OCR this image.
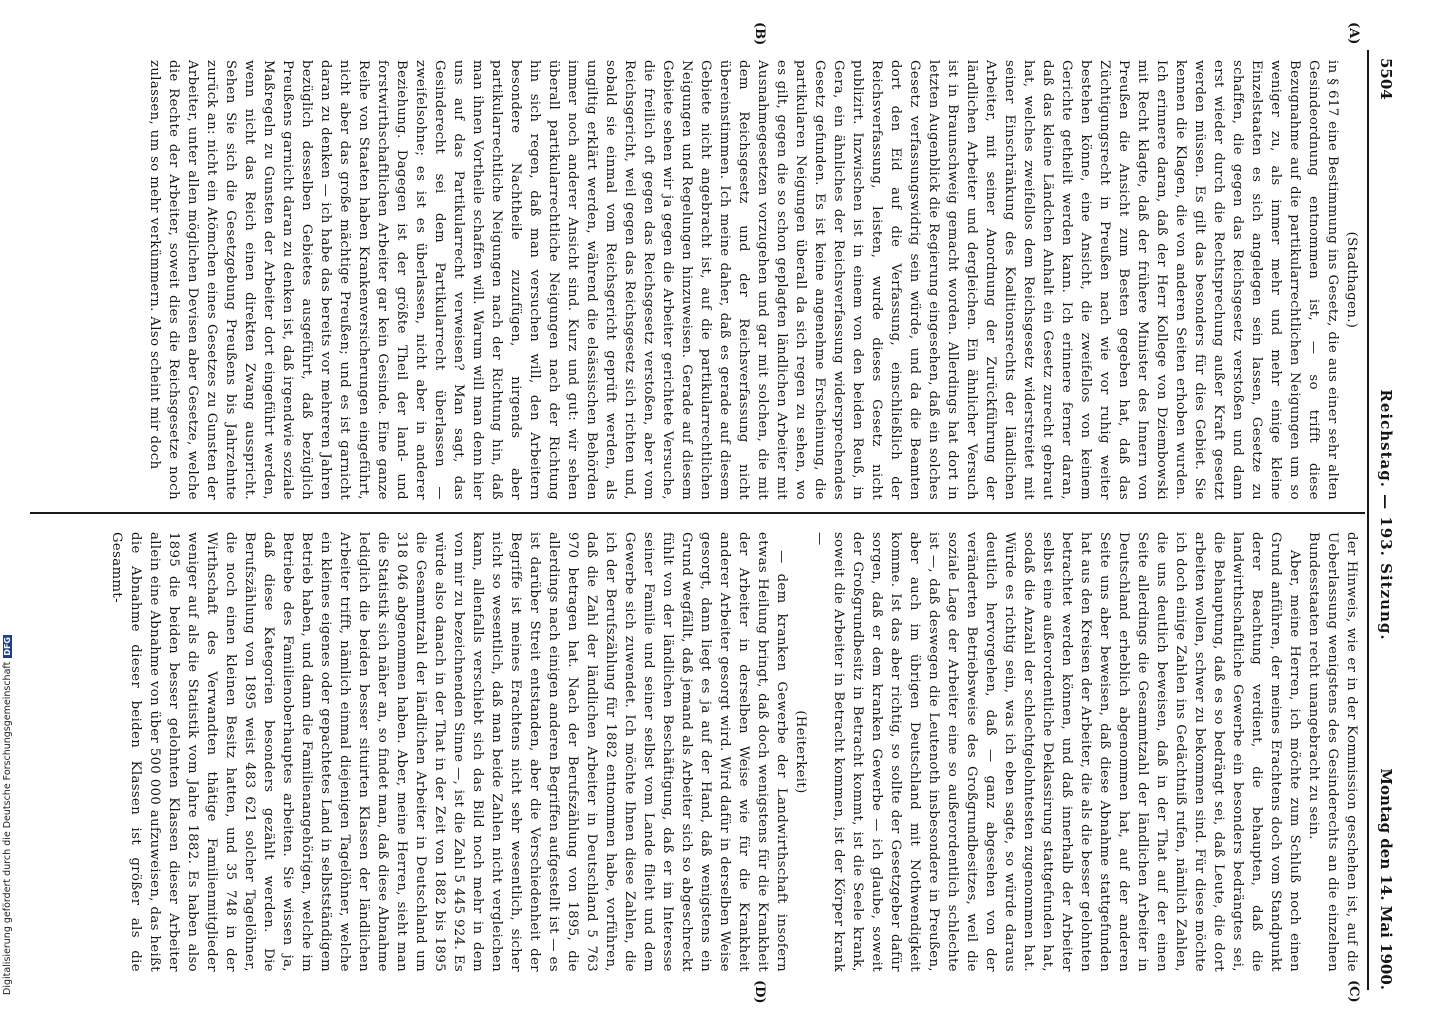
5504
Reichstag. — 193. Sitzung.
Montag den 14. Mai 1900.
(A)
(B)
(C)
(D)

(Stadthagen.)

in § 617 eine Bestimmung ins Gesetz, die aus einer sehr alten Gesindeordnung entnommen ist, — so trifft diese Bezugnahme auf die partikularrechtlichen Neigungen um so weniger zu, als immer mehr und mehr einige kleine Einzelstaaten es sich angelegen sein lassen, Gesetze zu schaffen, die gegen das Reichsgesetz verstoßen und dann erst wieder durch die Rechtsprechung außer Kraft gesetzt werden müssen. Es gilt das besonders für dies Gebiet. Sie kennen die Klagen, die von anderen Seiten erhoben wurden. Ich erinnere daran, daß der Herr Kollege von Dziembowski mit Recht klagte, daß der frühere Minister des Innern von Preußen die Ansicht zum Besten gegeben hat, daß das Züchtigungsrecht in Preußen nach wie vor ruhig weiter bestehen könne, eine Ansicht, die zweifellos von keinem Gerichte getheilt werden kann. Ich erinnere ferner daran, daß das kleine Ländchen Anhalt ein Gesetz zurecht gebraut hat, welches zweifellos dem Reichsgesetz widerstreitet mit seiner Einschränkung des Koalitionsrechts der ländlichen Arbeiter, mit seiner Anordnung der Zurückführung der ländlichen Arbeiter und dergleichen. Ein ähnlicher Versuch ist in Braunschweig gemacht worden. Allerdings hat dort in letzten Augenblick die Regierung eingesehen, daß ein solches Gesetz verfassungswidrig sein würde, und da die Beamten dort den Eid auf die Verfassung, einschließlich der Reichsverfassung, leisten, wurde dieses Gesetz nicht publizirt. Inzwischen ist in einem von den beiden Reuß, in Gera, ein ähnliches der Reichsverfassung widersprechendes Gesetz gefunden. Es ist keine angenehme Erscheinung, die partikularen Neigungen überall da sich regen zu sehen, wo es gilt, gegen die so schon geplagten ländlichen Arbeiter mit Ausnahmegesetzen vorzugehen und gar mit solchen, die mit dem Reichsgesetz und der Reichsverfassung nicht übereinstimmen. Ich meine daher, daß es gerade auf diesem Gebiete nicht angebracht ist, auf die partikularrechtlichen Neigungen und Regelungen hinzuweisen. Gerade auf diesem Gebiete sehen wir ja gegen die Arbeiter gerichtete Versuche, die freilich oft gegen das Reichsgesetz verstoßen, aber vom Reichsgericht, weil gegen das Reichsgesetz sich richten und, sobald sie einmal vom Reichsgericht geprüft werden, als ungiltig erklärt werden, während die elsässischen Behörden immer noch anderer Ansicht sind. Kurz und gut: wir sehen überall partikularrechtliche Neigungen nach der Richtung hin sich regen, daß man versuchen will, den Arbeitern besondere Nachtheile zuzufügen, nirgends aber partikularrechtliche Neigungen nach der Richtung hin, daß man ihnen Vortheile schaffen will. Warum will man denn hier uns auf das Partikularrecht verweisen? Man sagt, das Gesinderecht sei dem Partikularrecht überlassen — zweifelsohne; es ist es überlassen, nicht aber in anderer Beziehung. Dagegen ist der größte Theil der land- und forstwirthschaftlichen Arbeiter gar kein Gesinde. Eine ganze Reihe von Staaten haben Krankenversicherungen eingeführt, nicht aber das große mächtige Preußen; und es ist garnicht daran zu denken — ich habe das bereits vor mehreren Jahren bezüglich desselben Gebietes ausgeführt, daß bezüglich Preußens garnicht daran zu denken ist, daß irgendwie soziale Maßregeln zu Gunsten der Arbeiter dort eingeführt werden, wenn nicht das Reich einen direkten Zwang ausspricht. Sehen Sie sich die Gesetzgebung Preußens bis Jahrzehnte zurück an: nicht ein Atömchen eines Gesetzes zu Gunsten der Arbeiter, unter allen möglichen Devisen aber Gesetze, welche die Rechte der Arbeiter, soweit dies die Reichsgesetze noch zulassen, um so mehr verkümmern. Also scheint mir doch

der Hinweis, wie er in der Kommission geschehen ist, auf die Ueberlassung wenigstens des Gesinderechts an die einzelnen Bundesstaaten recht unangebracht zu sein.

Aber, meine Herren, ich möchte zum Schluß noch einen Grund anführen, der meines Erachtens doch vom Standpunkt derer Beachtung verdient, die behaupten, daß die landwirthschaftliche Gewerbe ein besonders bedrängtes sei, die Behauptung, daß es so bedrängt sei, daß Leute, die dort arbeiten wollen, schwer zu bekommen sind. Für diese möchte ich doch einige Zahlen ins Gedächtniß rufen, nämlich Zahlen, die uns deutlich beweisen, daß in der That auf der einen Seite allerdings die Gesammtzahl der ländlichen Arbeiter in Deutschland erheblich abgenommen hat, auf der anderen Seite uns aber beweisen, daß diese Abnahme stattgefunden hat aus den Kreisen der Arbeiter, die als die besser gelohnten betrachtet werden können, und daß innerhalb der Arbeiter selbst eine außerordentliche Deklassirung stattgefunden hat, sodaß die Anzahl der schlechtgelohntesten zugenommen hat. Würde es richtig sein, was ich eben sagte, so würde daraus deutlich hervorgehen, daß — ganz abgesehen von der veränderten Betriebsweise des Großgrundbesitzes, weil die soziale Lage der Arbeiter eine so außerordentlich schlechte ist —, daß deswegen die Leutenoth insbesondere in Preußen, aber auch im übrigen Deutschland mit Nothwendigkeit komme. Ist das aber richtig, so sollte der Gesetzgeber dafür sorgen, daß er dem kranken Gewerbe — ich glaube, soweit der Großgrundbesitz in Betracht kommt, ist die Seele krank, soweit die Arbeiter in Betracht kommen, ist der Körper krank —

(Heiterkeit)

— dem kranken Gewerbe der Landwirthschaft insofern etwas Heilung bringt, daß doch wenigstens für die Krankheit der Arbeiter in derselben Weise wie für die Krankheit anderer Arbeiter gesorgt wird. Wird dafür in derselben Weise gesorgt, dann liegt es ja auf der Hand, daß wenigstens ein Grund wegfällt, daß jemand als Arbeiter sich so abgeschreckt fühlt von der ländlichen Beschäftigung, daß er im Interesse seiner Familie und seiner selbst vom Lande flieht und dem Gewerbe sich zuwendet. Ich möchte Ihnen diese Zahlen, die ich der Berufszählung für 1882 entnommen habe, vorführen, daß die Zahl der ländlichen Arbeiter in Deutschland 5 763 970 betragen hat. Nach der Berufszählung von 1895, die allerdings nach einigen anderen Begriffen aufgestellt ist — es ist darüber Streit entstanden, aber die Verschiedenheit der Begriffe ist meines Erachtens nicht sehr wesentlich, sicher nicht so wesentlich, daß man beide Zahlen nicht vergleichen kann, allenfalls verschiebt sich das Bild noch mehr in dem von mir zu bezeichnenden Sinne —, ist die Zahl 5 445 924. Es würde also danach in der That in der Zeit von 1882 bis 1895 die Gesammtzahl der ländlichen Arbeiter in Deutschland um 318 046 abgenommen haben. Aber, meine Herren, sieht man die Statistik sich näher an, so findet man, daß diese Abnahme lediglich die beiden besser situirten Klassen der ländlichen Arbeiter trifft, nämlich einmal diejenigen Tagelöhner, welche ein kleines eigenes oder gepachtetes Land in selbstständigem Betrieb haben, und dann die Familienangehörigen, welche im Betriebe des Familienoberhauptes arbeiten. Sie wissen ja, daß diese Kategorien besonders gezählt werden. Die Berufszählung von 1895 weist 483 621 solcher Tagelöhner, die noch einen kleinen Besitz hatten, und 35 748 in der Wirthschaft des Verwandten thätige Familienmitglieder weniger auf als die Statistik vom Jahre 1882. Es haben also 1895 die beiden besser gelohnten Klassen dieser Arbeiter allein eine Abnahme von über 500 000 aufzuweisen, das heißt die Abnahme dieser beiden Klassen ist größer als die Gesammt-

Digitalisierung gefördert durch die Deutsche ForschungsgemeinschaftDFG
